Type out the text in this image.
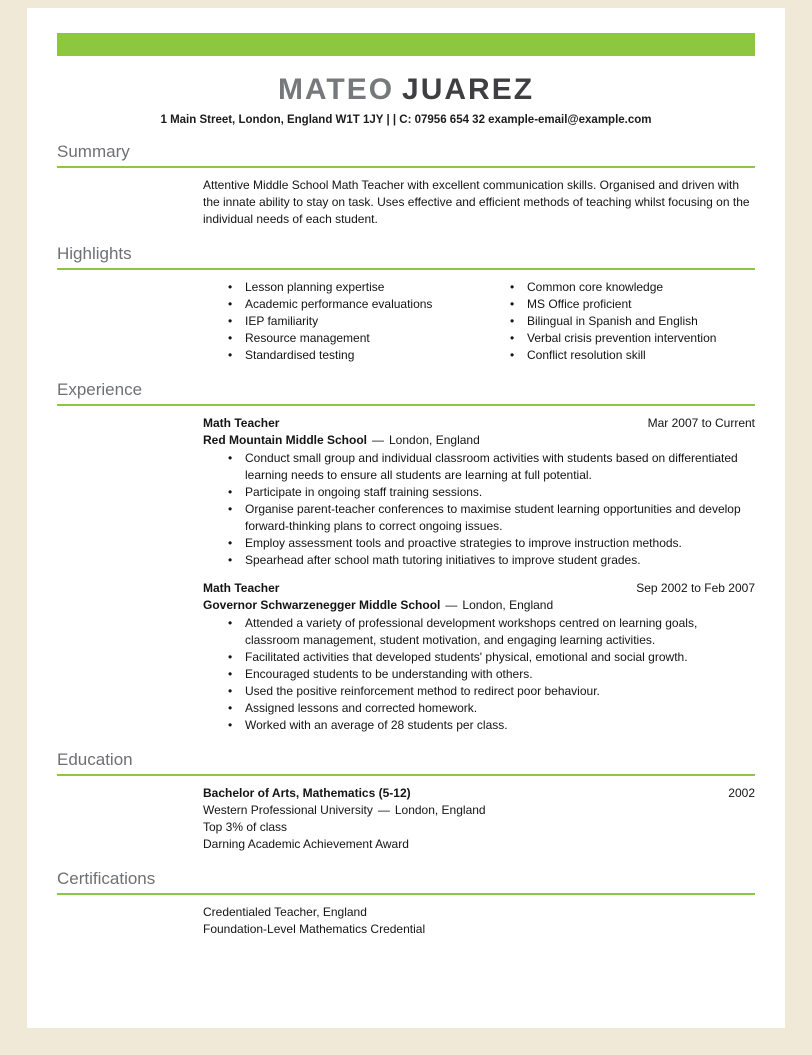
MATEO JUAREZ
1 Main Street, London, England W1T 1JY | | C: 07956 654 32 example-email@example.com
Summary

Attentive Middle School Math Teacher with excellent communication skills. Organised and driven with the innate ability to stay on task. Uses effective and efficient methods of teaching whilst focusing on the individual needs of each student.

Highlights
• Lesson planning expertise
• Academic performance evaluations
• IEP familiarity
• Resource management
• Standardised testing
• Common core knowledge
• MS Office proficient
• Bilingual in Spanish and English
• Verbal crisis prevention intervention
• Conflict resolution skill
Experience
Math Teacher	Mar 2007 to Current
Red Mountain Middle School — London, England
• Conduct small group and individual classroom activities with students based on differentiated learning needs to ensure all students are learning at full potential.
• Participate in ongoing staff training sessions.
• Organise parent-teacher conferences to maximise student learning opportunities and develop forward-thinking plans to correct ongoing issues.
• Employ assessment tools and proactive strategies to improve instruction methods.
• Spearhead after school math tutoring initiatives to improve student grades.
Math Teacher	Sep 2002 to Feb 2007
Governor Schwarzenegger Middle School — London, England
• Attended a variety of professional development workshops centred on learning goals, classroom management, student motivation, and engaging learning activities.
• Facilitated activities that developed students' physical, emotional and social growth.
• Encouraged students to be understanding with others.
• Used the positive reinforcement method to redirect poor behaviour.
• Assigned lessons and corrected homework.
• Worked with an average of 28 students per class.
Education
Bachelor of Arts, Mathematics (5-12)	2002
Western Professional University — London, England
Top 3% of class
Darning Academic Achievement Award
Certifications
Credentialed Teacher, England
Foundation-Level Mathematics Credential
